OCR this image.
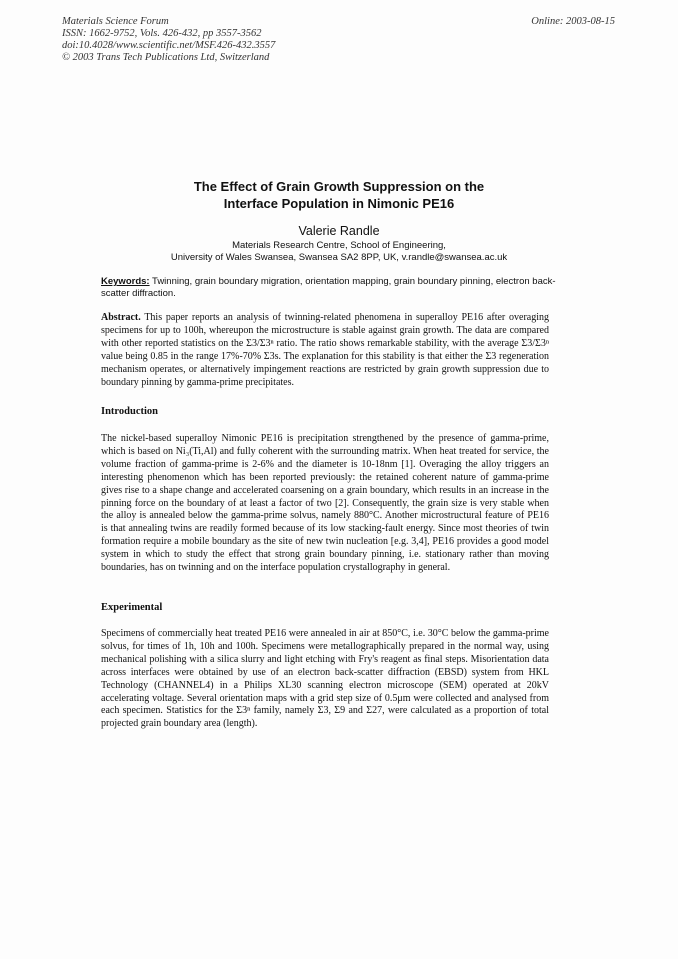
Materials Science Forum
ISSN: 1662-9752, Vols. 426-432, pp 3557-3562
doi:10.4028/www.scientific.net/MSF.426-432.3557
© 2003 Trans Tech Publications Ltd, Switzerland
Online: 2003-08-15
The Effect of Grain Growth Suppression on the
Interface Population in Nimonic PE16
Valerie Randle
Materials Research Centre, School of Engineering,
University of Wales Swansea, Swansea SA2 8PP, UK, v.randle@swansea.ac.uk
Keywords: Twinning, grain boundary migration, orientation mapping, grain boundary pinning, electron back-scatter diffraction.
Abstract. This paper reports an analysis of twinning-related phenomena in superalloy PE16 after overaging specimens for up to 100h, whereupon the microstructure is stable against grain growth. The data are compared with other reported statistics on the Σ3/Σ3ⁿ ratio. The ratio shows remarkable stability, with the average Σ3/Σ3ⁿ value being 0.85 in the range 17%-70% Σ3s. The explanation for this stability is that either the Σ3 regeneration mechanism operates, or alternatively impingement reactions are restricted by grain growth suppression due to boundary pinning by gamma-prime precipitates.
Introduction
The nickel-based superalloy Nimonic PE16 is precipitation strengthened by the presence of gamma-prime, which is based on Ni₃(Ti,Al) and fully coherent with the surrounding matrix. When heat treated for service, the volume fraction of gamma-prime is 2-6% and the diameter is 10-18nm [1]. Overaging the alloy triggers an interesting phenomenon which has been reported previously: the retained coherent nature of gamma-prime gives rise to a shape change and accelerated coarsening on a grain boundary, which results in an increase in the pinning force on the boundary of at least a factor of two [2]. Consequently, the grain size is very stable when the alloy is annealed below the gamma-prime solvus, namely 880°C. Another microstructural feature of PE16 is that annealing twins are readily formed because of its low stacking-fault energy. Since most theories of twin formation require a mobile boundary as the site of new twin nucleation [e.g. 3,4], PE16 provides a good model system in which to study the effect that strong grain boundary pinning, i.e. stationary rather than moving boundaries, has on twinning and on the interface population crystallography in general.
Experimental
Specimens of commercially heat treated PE16 were annealed in air at 850°C, i.e. 30°C below the gamma-prime solvus, for times of 1h, 10h and 100h. Specimens were metallographically prepared in the normal way, using mechanical polishing with a silica slurry and light etching with Fry's reagent as final steps. Misorientation data across interfaces were obtained by use of an electron back-scatter diffraction (EBSD) system from HKL Technology (CHANNEL4) in a Philips XL30 scanning electron microscope (SEM) operated at 20kV accelerating voltage. Several orientation maps with a grid step size of 0.5μm were collected and analysed from each specimen. Statistics for the Σ3ⁿ family, namely Σ3, Σ9 and Σ27, were calculated as a proportion of total projected grain boundary area (length).
